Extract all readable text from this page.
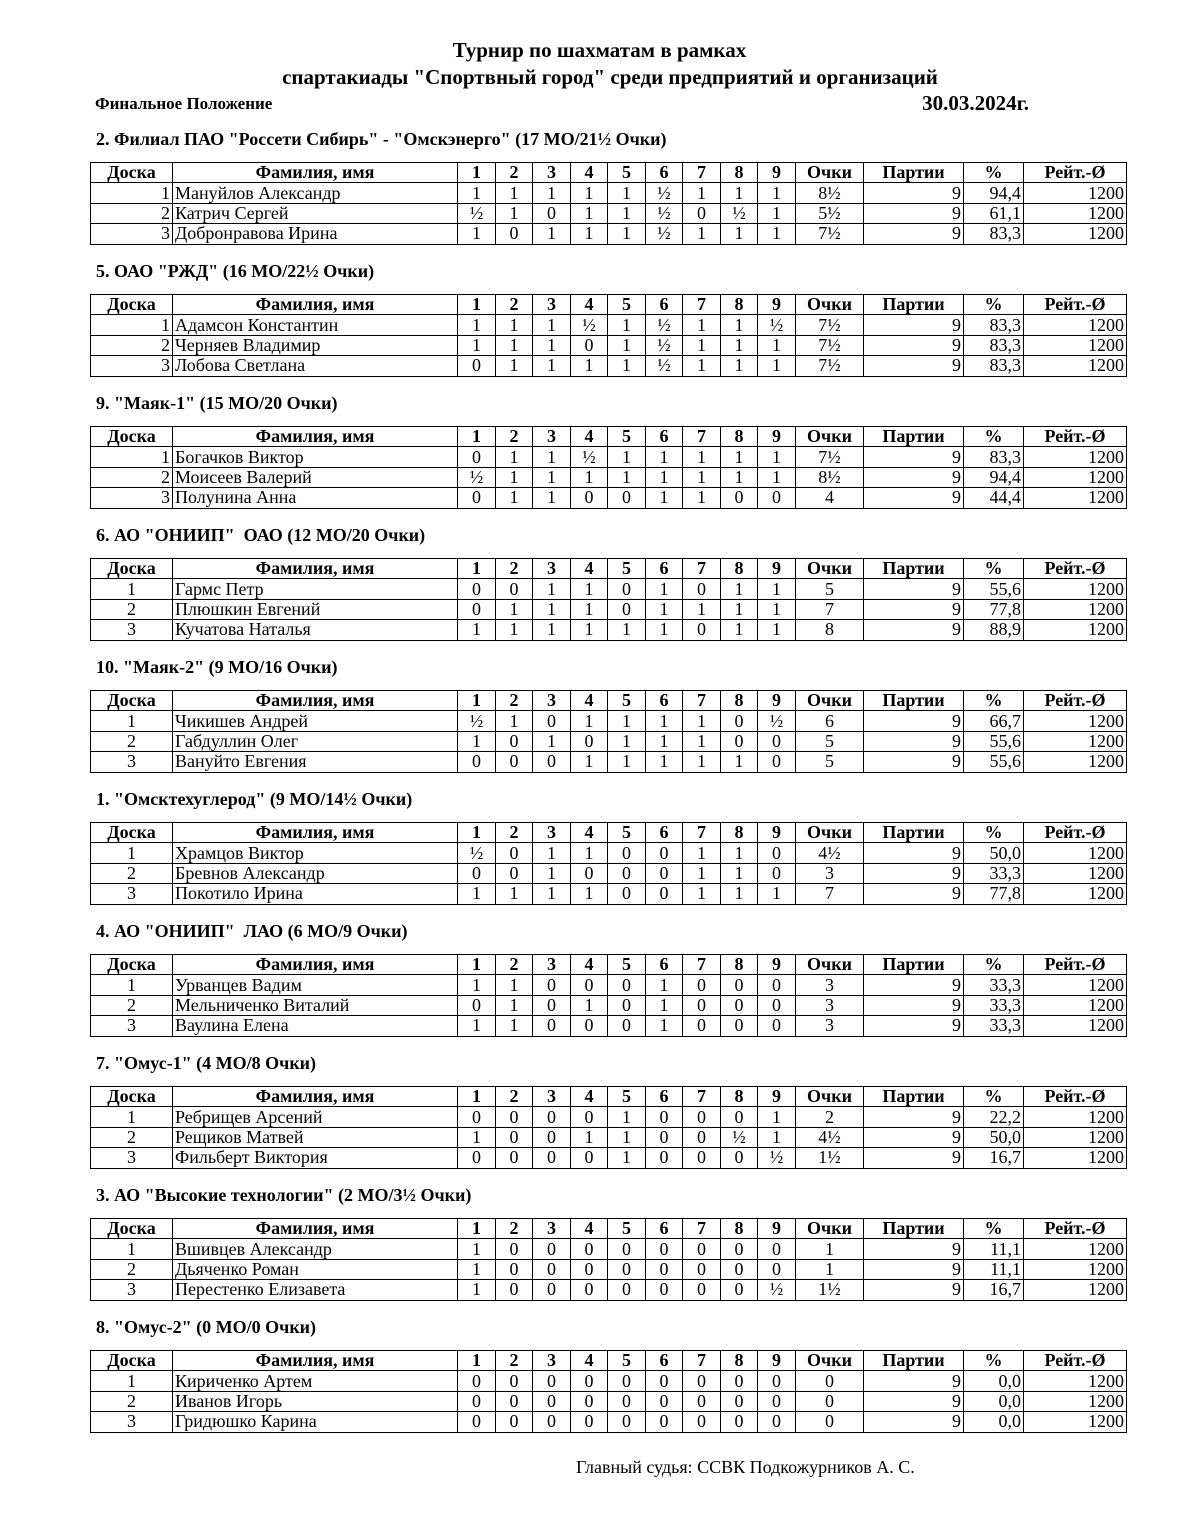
Турнир по шахматам в рамках
спартакиады "Спортвный город" среди предприятий и организаций
Финальное Положение	30.03.2024г.
2. Филиал ПАО "Россети Сибирь" - "Омскэнерго" (17 МО/21½ Очки)
Доска	Фамилия, имя	1	2	3	4	5	6	7	8	9	Очки	Партии	%	Рейт.-Ø
1	Мануйлов Александр	1	1	1	1	1	½	1	1	1	8½	9	94,4	1200
2	Катрич Сергей	½	1	0	1	1	½	0	½	1	5½	9	61,1	1200
3	Добронравова Ирина	1	0	1	1	1	½	1	1	1	7½	9	83,3	1200
5. ОАО "РЖД" (16 МО/22½ Очки)
Доска	Фамилия, имя	1	2	3	4	5	6	7	8	9	Очки	Партии	%	Рейт.-Ø
1	Адамсон Константин	1	1	1	½	1	½	1	1	½	7½	9	83,3	1200
2	Черняев Владимир	1	1	1	0	1	½	1	1	1	7½	9	83,3	1200
3	Лобова Светлана	0	1	1	1	1	½	1	1	1	7½	9	83,3	1200
9. "Маяк-1" (15 МО/20 Очки)
Доска	Фамилия, имя	1	2	3	4	5	6	7	8	9	Очки	Партии	%	Рейт.-Ø
1	Богачков Виктор	0	1	1	½	1	1	1	1	1	7½	9	83,3	1200
2	Моисеев Валерий	½	1	1	1	1	1	1	1	1	8½	9	94,4	1200
3	Полунина Анна	0	1	1	0	0	1	1	0	0	4	9	44,4	1200
6. АО "ОНИИП"  ОАО (12 МО/20 Очки)
Доска	Фамилия, имя	1	2	3	4	5	6	7	8	9	Очки	Партии	%	Рейт.-Ø
1	Гармс Петр	0	0	1	1	0	1	0	1	1	5	9	55,6	1200
2	Плюшкин Евгений	0	1	1	1	0	1	1	1	1	7	9	77,8	1200
3	Кучатова Наталья	1	1	1	1	1	1	0	1	1	8	9	88,9	1200
10. "Маяк-2" (9 МО/16 Очки)
Доска	Фамилия, имя	1	2	3	4	5	6	7	8	9	Очки	Партии	%	Рейт.-Ø
1	Чикишев Андрей	½	1	0	1	1	1	1	0	½	6	9	66,7	1200
2	Габдуллин Олег	1	0	1	0	1	1	1	0	0	5	9	55,6	1200
3	Вануйто Евгения	0	0	0	1	1	1	1	1	0	5	9	55,6	1200
1. "Омсктехуглерод" (9 МО/14½ Очки)
Доска	Фамилия, имя	1	2	3	4	5	6	7	8	9	Очки	Партии	%	Рейт.-Ø
1	Храмцов Виктор	½	0	1	1	0	0	1	1	0	4½	9	50,0	1200
2	Бревнов Александр	0	0	1	0	0	0	1	1	0	3	9	33,3	1200
3	Покотило Ирина	1	1	1	1	0	0	1	1	1	7	9	77,8	1200
4. АО "ОНИИП"  ЛАО (6 МО/9 Очки)
Доска	Фамилия, имя	1	2	3	4	5	6	7	8	9	Очки	Партии	%	Рейт.-Ø
1	Урванцев Вадим	1	1	0	0	0	1	0	0	0	3	9	33,3	1200
2	Мельниченко Виталий	0	1	0	1	0	1	0	0	0	3	9	33,3	1200
3	Ваулина Елена	1	1	0	0	0	1	0	0	0	3	9	33,3	1200
7. "Омус-1" (4 МО/8 Очки)
Доска	Фамилия, имя	1	2	3	4	5	6	7	8	9	Очки	Партии	%	Рейт.-Ø
1	Ребрищев Арсений	0	0	0	0	1	0	0	0	1	2	9	22,2	1200
2	Рещиков Матвей	1	0	0	1	1	0	0	½	1	4½	9	50,0	1200
3	Фильберт Виктория	0	0	0	0	1	0	0	0	½	1½	9	16,7	1200
3. АО "Высокие технологии" (2 МО/3½ Очки)
Доска	Фамилия, имя	1	2	3	4	5	6	7	8	9	Очки	Партии	%	Рейт.-Ø
1	Вшивцев Александр	1	0	0	0	0	0	0	0	0	1	9	11,1	1200
2	Дьяченко Роман	1	0	0	0	0	0	0	0	0	1	9	11,1	1200
3	Перестенко Елизавета	1	0	0	0	0	0	0	0	½	1½	9	16,7	1200
8. "Омус-2" (0 МО/0 Очки)
Доска	Фамилия, имя	1	2	3	4	5	6	7	8	9	Очки	Партии	%	Рейт.-Ø
1	Кириченко Артем	0	0	0	0	0	0	0	0	0	0	9	0,0	1200
2	Иванов Игорь	0	0	0	0	0	0	0	0	0	0	9	0,0	1200
3	Гридюшко Карина	0	0	0	0	0	0	0	0	0	0	9	0,0	1200
Главный судья: ССВК Подкожурников А. С.
